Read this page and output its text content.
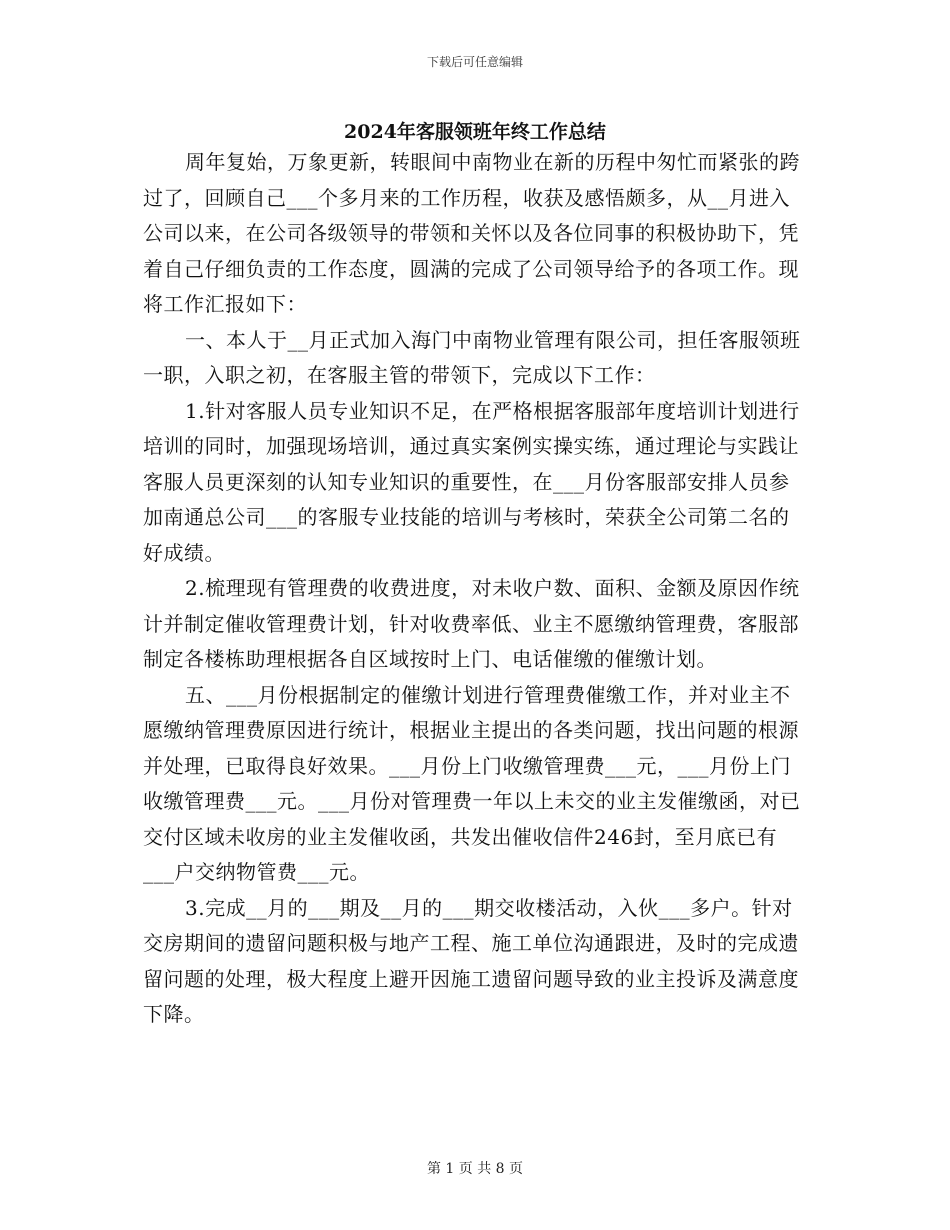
下载后可任意编辑
2024年客服领班年终工作总结

周年复始，万象更新，转眼间中南物业在新的历程中匆忙而紧张的跨过了，回顾自己___个多月来的工作历程，收获及感悟颇多，从__月进入公司以来，在公司各级领导的带领和关怀以及各位同事的积极协助下，凭着自己仔细负责的工作态度，圆满的完成了公司领导给予的各项工作。现将工作汇报如下：

一、本人于__月正式加入海门中南物业管理有限公司，担任客服领班一职，入职之初，在客服主管的带领下，完成以下工作：

1.针对客服人员专业知识不足，在严格根据客服部年度培训计划进行培训的同时，加强现场培训，通过真实案例实操实练，通过理论与实践让客服人员更深刻的认知专业知识的重要性，在___月份客服部安排人员参加南通总公司___的客服专业技能的培训与考核时，荣获全公司第二名的好成绩。

2.梳理现有管理费的收费进度，对未收户数、面积、金额及原因作统计并制定催收管理费计划，针对收费率低、业主不愿缴纳管理费，客服部制定各楼栋助理根据各自区域按时上门、电话催缴的催缴计划。

五、___月份根据制定的催缴计划进行管理费催缴工作，并对业主不愿缴纳管理费原因进行统计，根据业主提出的各类问题，找出问题的根源并处理，已取得良好效果。___月份上门收缴管理费___元，___月份上门收缴管理费___元。___月份对管理费一年以上未交的业主发催缴函，对已交付区域未收房的业主发催收函，共发出催收信件246封，至月底已有___户交纳物管费___元。

3.完成__月的___期及__月的___期交收楼活动，入伙___多户。针对交房期间的遗留问题积极与地产工程、施工单位沟通跟进，及时的完成遗留问题的处理，极大程度上避开因施工遗留问题导致的业主投诉及满意度下降。

第 1 页 共 8 页
